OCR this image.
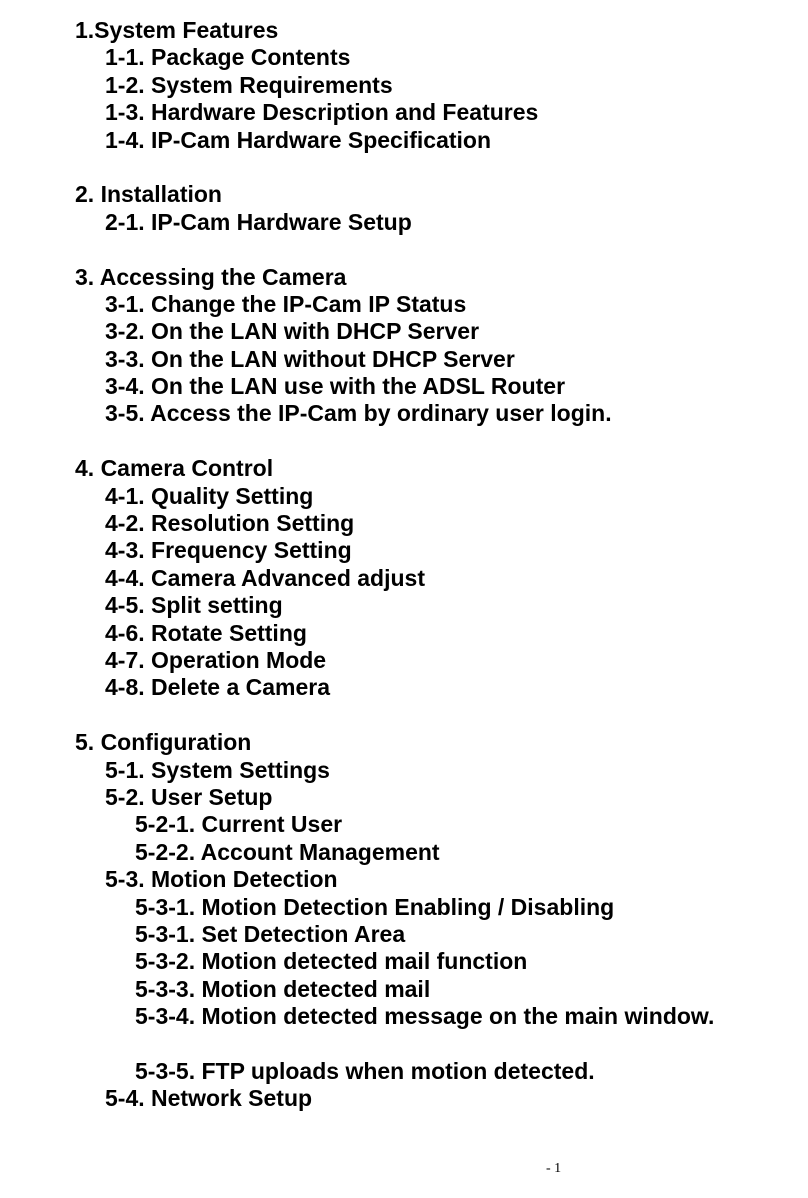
1.System Features
1-1. Package Contents
1-2. System Requirements
1-3. Hardware Description and Features
1-4. IP-Cam Hardware Specification
2. Installation
2-1. IP-Cam Hardware Setup
3. Accessing the Camera
3-1. Change the IP-Cam IP Status
3-2. On the LAN with DHCP Server
3-3. On the LAN without DHCP Server
3-4. On the LAN use with the ADSL Router
3-5. Access the IP-Cam by ordinary user login.
4. Camera Control
4-1. Quality Setting
4-2. Resolution Setting
4-3. Frequency Setting
4-4. Camera Advanced adjust
4-5. Split setting
4-6. Rotate Setting
4-7. Operation Mode
4-8. Delete a Camera
5. Configuration
5-1. System Settings
5-2. User Setup
5-2-1. Current User
5-2-2. Account Management
5-3. Motion Detection
5-3-1. Motion Detection Enabling / Disabling
5-3-1. Set Detection Area
5-3-2. Motion detected mail function
5-3-3. Motion detected mail
5-3-4. Motion detected message on the main window.
5-3-5. FTP uploads when motion detected.
5-4. Network Setup
- 1
